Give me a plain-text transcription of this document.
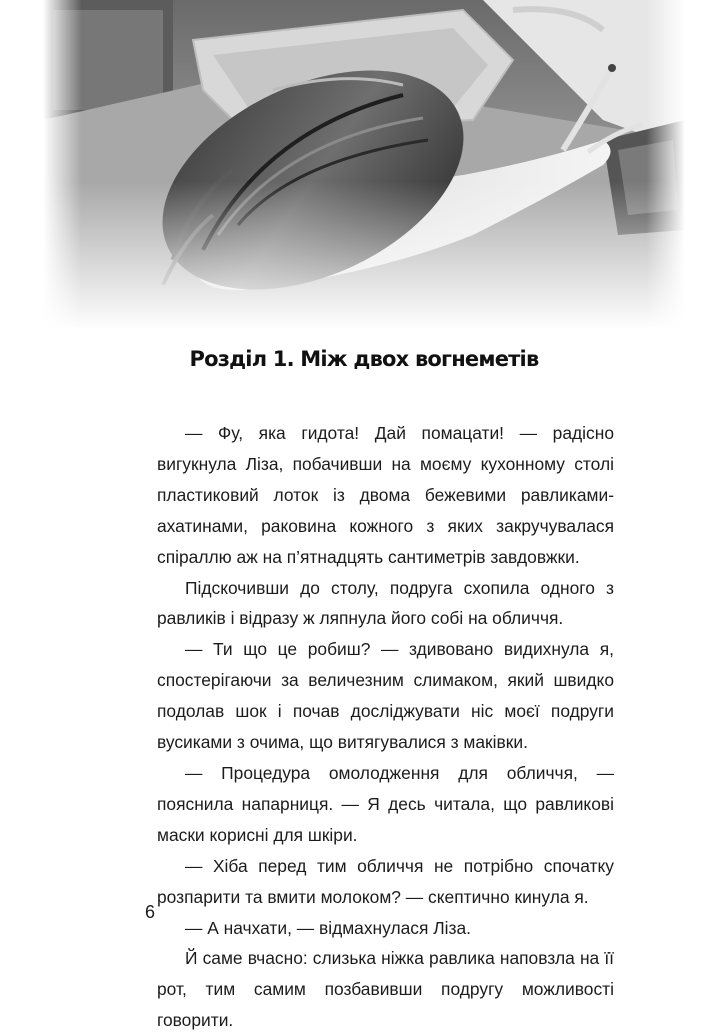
Розділ 1. Між двох вогнеметів

— Фу, яка гидота! Дай помацати! — радісно вигукнула Ліза, побачивши на моєму кухонному столі пластиковий лоток із двома бежевими равликами-ахатинами, раковина кожного з яких закручувалася спіраллю аж на п’ятнадцять сантиметрів завдовжки.

Підскочивши до столу, подруга схопила одного з равликів і відразу ж ляпнула його собі на обличчя.

— Ти що це робиш? — здивовано видихнула я, спостерігаючи за величезним слимаком, який швидко подолав шок і почав досліджувати ніс моєї подруги вусиками з очима, що витягувалися з маківки.

— Процедура омолодження для обличчя, — пояснила напарниця. — Я десь читала, що равликові маски корисні для шкіри.

— Хіба перед тим обличчя не потрібно спочатку розпарити та вмити молоком? — скептично кинула я.

— А начхати, — відмахнулася Ліза.

Й саме вчасно: слизька ніжка равлика наповзла на її рот, тим самим позбавивши подругу можливості говорити.

6
